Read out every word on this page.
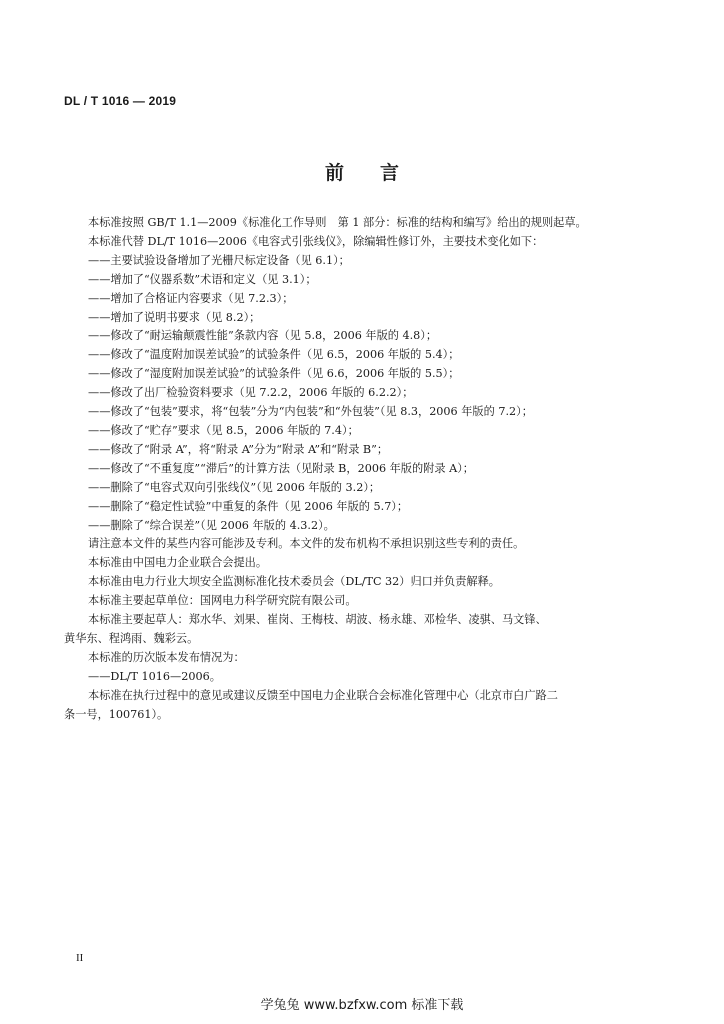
DL / T 1016 — 2019
前 言

本标准按照 GB/T 1.1—2009《标准化工作导则　第 1 部分：标准的结构和编写》给出的规则起草。

本标准代替 DL/T 1016—2006《电容式引张线仪》，除编辑性修订外，主要技术变化如下：

——主要试验设备增加了光栅尺标定设备（见 6.1）；

——增加了“仪器系数”术语和定义（见 3.1）；

——增加了合格证内容要求（见 7.2.3）；

——增加了说明书要求（见 8.2）；

——修改了“耐运输颠震性能”条款内容（见 5.8，2006 年版的 4.8）；

——修改了“温度附加误差试验”的试验条件（见 6.5，2006 年版的 5.4）；

——修改了“湿度附加误差试验”的试验条件（见 6.6，2006 年版的 5.5）；

——修改了出厂检验资料要求（见 7.2.2，2006 年版的 6.2.2）；

——修改了“包装”要求，将“包装”分为“内包装”和“外包装”（见 8.3，2006 年版的 7.2）；

——修改了“贮存”要求（见 8.5，2006 年版的 7.4）；

——修改了“附录 A”，将“附录 A”分为“附录 A”和“附录 B”；

——修改了“不重复度”“滞后”的计算方法（见附录 B，2006 年版的附录 A）；

——删除了“电容式双向引张线仪”（见 2006 年版的 3.2）；

——删除了“稳定性试验”中重复的条件（见 2006 年版的 5.7）；

——删除了“综合误差”（见 2006 年版的 4.3.2）。

请注意本文件的某些内容可能涉及专利。本文件的发布机构不承担识别这些专利的责任。

本标准由中国电力企业联合会提出。

本标准由电力行业大坝安全监测标准化技术委员会（DL/TC 32）归口并负责解释。

本标准主要起草单位：国网电力科学研究院有限公司。

本标准主要起草人：郑水华、刘果、崔岗、王梅枝、胡波、杨永雄、邓检华、凌骐、马文锋、

黄华东、程鸿雨、魏彩云。

本标准的历次版本发布情况为：

——DL/T 1016—2006。

本标准在执行过程中的意见或建议反馈至中国电力企业联合会标准化管理中心（北京市白广路二

条一号，100761）。

II
学兔兔 www.bzfxw.com 标准下载
